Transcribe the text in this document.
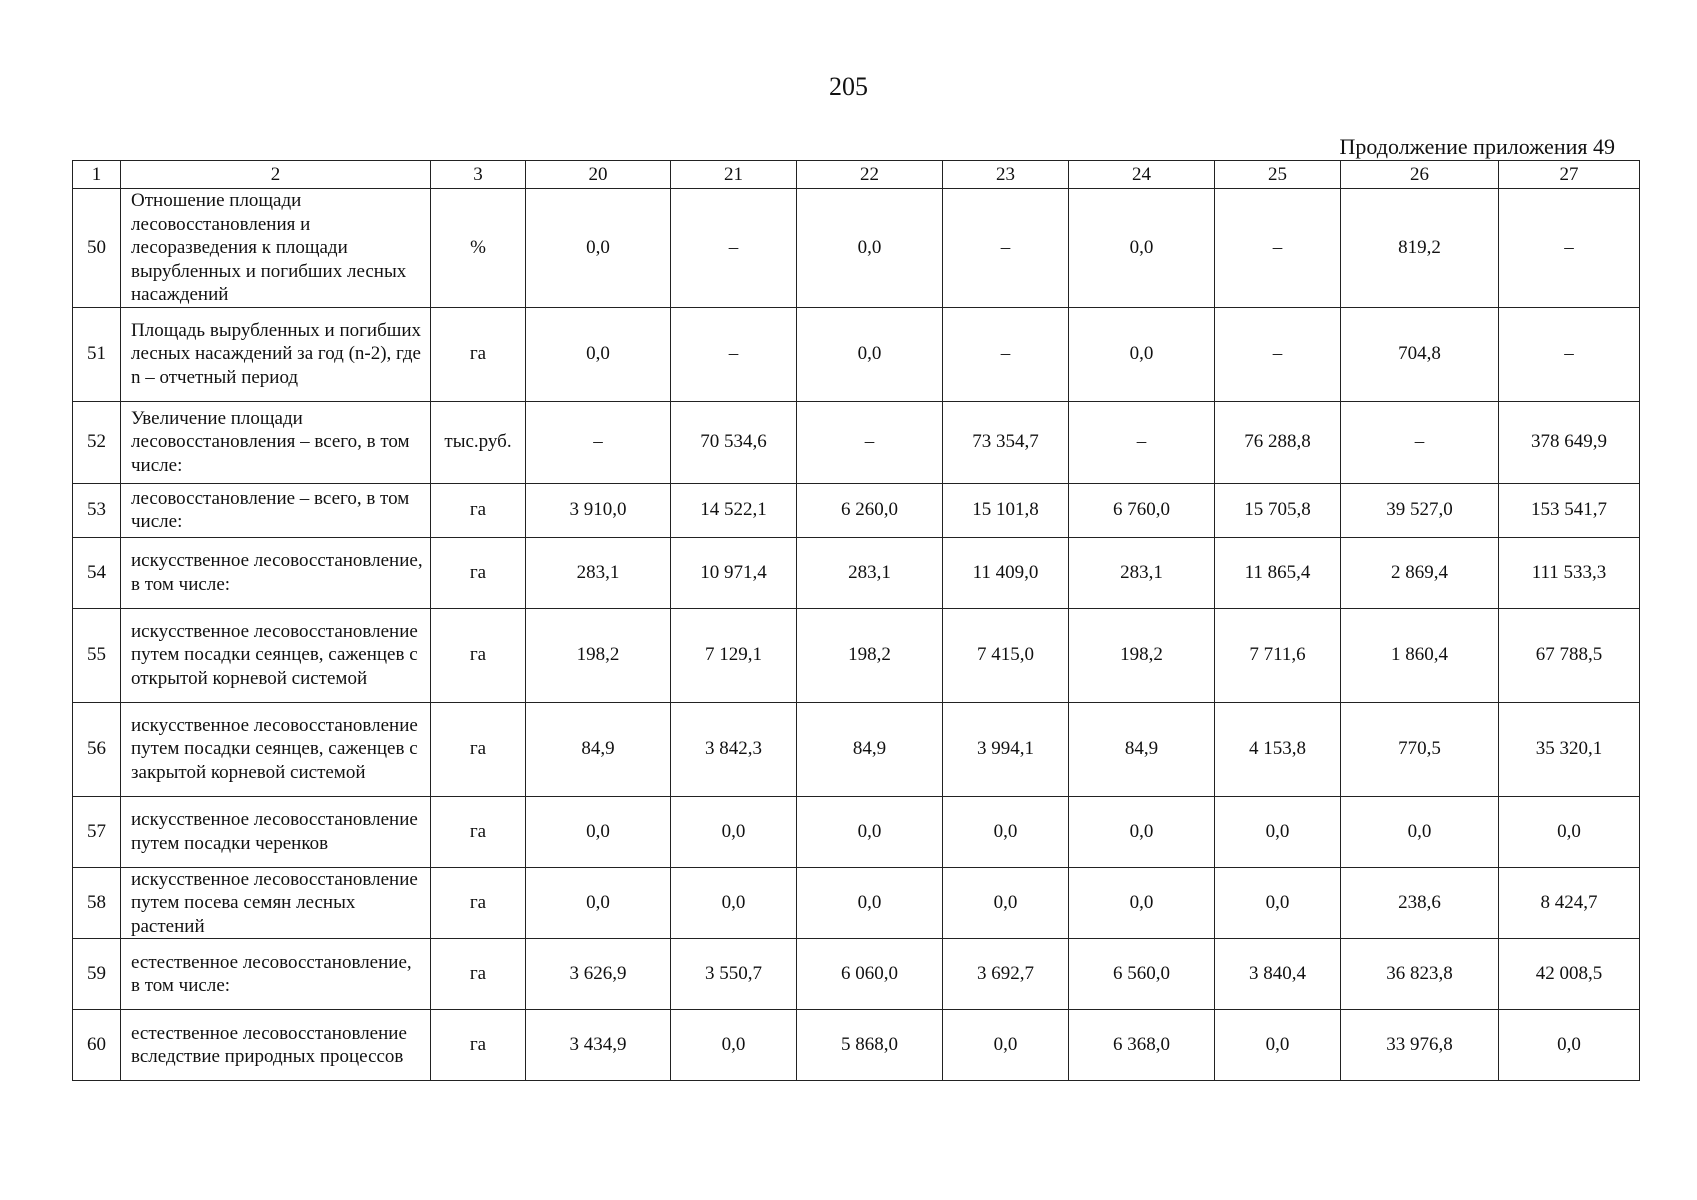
205
Продолжение приложения 49
1	2	3	20	21	22	23	24	25	26	27
50	Отношение площади лесовосстановления и лесоразведения к площади вырубленных и погибших лесных насаждений	%	0,0	–	0,0	–	0,0	–	819,2	–
51	Площадь вырубленных и погибших лесных насаждений за год (n-2), где n – отчетный период	га	0,0	–	0,0	–	0,0	–	704,8	–
52	Увеличение площади лесовосстановления – всего, в том числе:	тыс.руб.	–	70 534,6	–	73 354,7	–	76 288,8	–	378 649,9
53	лесовосстановление – всего, в том числе:	га	3 910,0	14 522,1	6 260,0	15 101,8	6 760,0	15 705,8	39 527,0	153 541,7
54	искусственное лесовосстановление, в том числе:	га	283,1	10 971,4	283,1	11 409,0	283,1	11 865,4	2 869,4	111 533,3
55	искусственное лесовосстановление путем посадки сеянцев, саженцев с открытой корневой системой	га	198,2	7 129,1	198,2	7 415,0	198,2	7 711,6	1 860,4	67 788,5
56	искусственное лесовосстановление путем посадки сеянцев, саженцев с закрытой корневой системой	га	84,9	3 842,3	84,9	3 994,1	84,9	4 153,8	770,5	35 320,1
57	искусственное лесовосстановление путем посадки черенков	га	0,0	0,0	0,0	0,0	0,0	0,0	0,0	0,0
58	искусственное лесовосстановление путем посева семян лесных растений	га	0,0	0,0	0,0	0,0	0,0	0,0	238,6	8 424,7
59	естественное лесовосстановление, в том числе:	га	3 626,9	3 550,7	6 060,0	3 692,7	6 560,0	3 840,4	36 823,8	42 008,5
60	естественное лесовосстановление вследствие природных процессов	га	3 434,9	0,0	5 868,0	0,0	6 368,0	0,0	33 976,8	0,0
